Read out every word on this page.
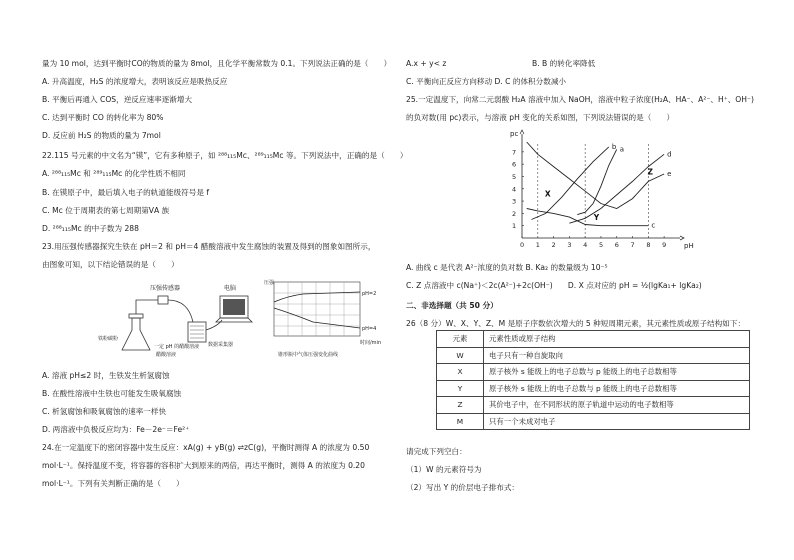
量为 10 mol，达到平衡时CO的物质的量为 8mol，且化学平衡常数为 0.1。下列说法正确的是（　　）
A. 升高温度，H₂S 的浓度增大，表明该反应是吸热反应
B. 平衡后再通入 COS，逆反应速率逐渐增大
C. 达到平衡时 CO 的转化率为 80%
D. 反应前 H₂S 的物质的量为 7mol
22.115 号元素的中文名为“镆”，它有多种原子，如 ²⁸⁸₁₁₅Mc、²⁸⁹₁₁₅Mc 等。下列说法中，正确的是（　　）
A. ²⁸⁸₁₁₅Mc 和 ²⁸⁹₁₁₅Mc 的化学性质不相同
B. 在镆原子中，最后填入电子的轨道能级符号是 f
C. Mc 位于周期表的第七周期第ⅤA 族
D. ²⁸⁸₁₁₅Mc 的中子数为 288
23.用压强传感器探究生铁在 pH＝2 和 pH＝4 醋酸溶液中发生腐蚀的装置及得到的图象如图所示，
由图象可知，以下结论错误的是（　　）
压强传感器	电脑
铁粉碳粉
一定 pH 的醋酸溶液 数据采集器
醋酸溶液
pH=2
pH=4
压强
时间/min
锥形瓶中气体压强变化曲线
A. 溶液 pH≤2 时，生铁发生析氢腐蚀
B. 在酸性溶液中生铁也可能发生吸氧腐蚀
C. 析氢腐蚀和吸氧腐蚀的速率一样快
D. 两溶液中负极反应均为：Fe－2e⁻＝Fe²⁺
24.在一定温度下的密闭容器中发生反应：xA(g) + yB(g) ⇌zC(g)，平衡时测得 A 的浓度为 0.50
mol·L⁻¹。保持温度不变，将容器的容积扩大到原来的两倍，再达平衡时，测得 A 的浓度为 0.20
mol·L⁻¹。下列有关判断正确的是（　　）
A.x + y< z	B. B 的转化率降低
C. 平衡向正反应方向移动 D. C 的体积分数减小
25.一定温度下，向常二元弱酸 H₂A 溶液中加入 NaOH，溶液中粒子浓度(H₂A、HA⁻、A²⁻、H⁺、OH⁻)
的负对数(用 pc)表示，与溶液 pH 变化的关系如图，下列说法错误的是（　　）
pc
pH
0 1 2 3 4 5 6 7 8 9
1
2
3
4
5
6
7	a
b
c
d
e
X
Y
Z
A. 曲线 c 是代表 A²⁻浓度的负对数 B. Ka₂ 的数量级为 10⁻⁵
C. Z 点溶液中 c(Na⁺)＜2c(A²⁻)+2c(OH⁻)　　D. X 点对应的 pH = ½(lgKa₁+ lgKa₂)
二、非选择题（共 50 分）
26（8 分）W、X、Y、Z、M 是原子序数依次增大的 5 种短周期元素，其元素性质或原子结构如下：
元素	元素性质或原子结构
W	电子只有一种自旋取向
X	原子核外 s 能级上的电子总数与 p 能级上的电子总数相等
Y	原子核外 s 能级上的电子总数与 p 能级上的电子总数相等
Z	其价电子中，在不同形状的原子轨道中运动的电子数相等
M	只有一个未成对电子
请完成下列空白：
（1）W 的元素符号为
（2）写出 Y 的价层电子排布式：
